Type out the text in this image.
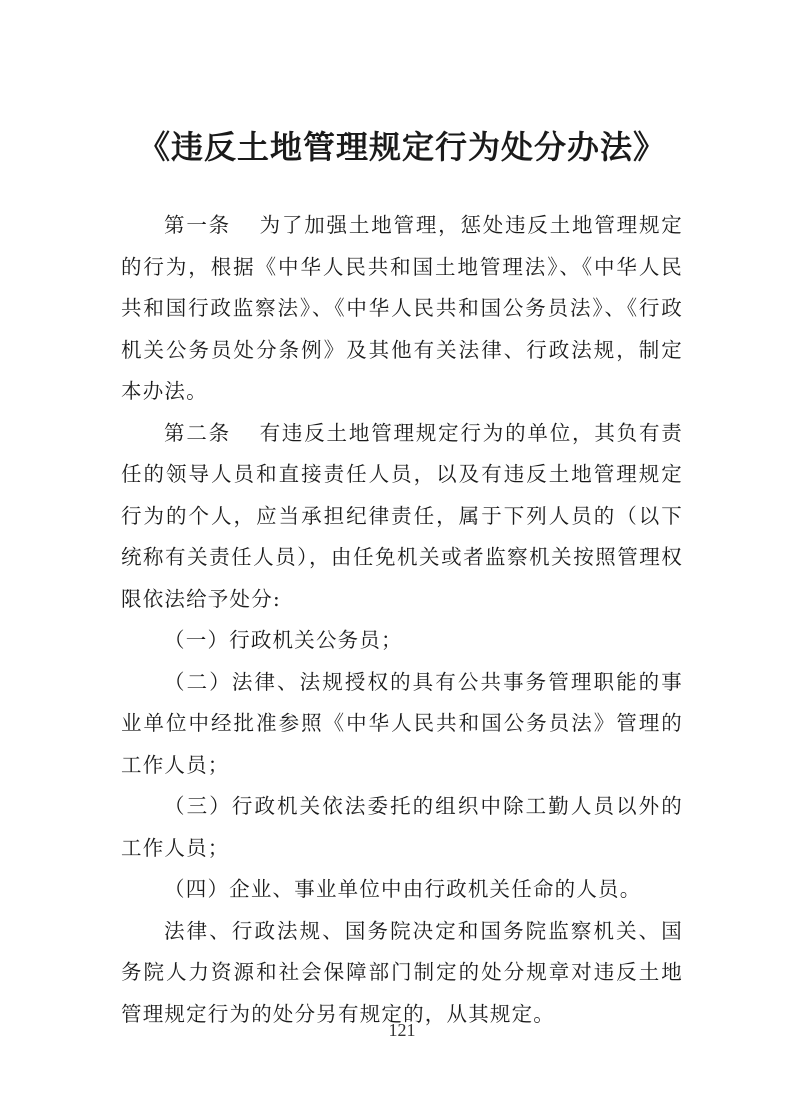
《违反土地管理规定行为处分办法》

第一条 为了加强土地管理，惩处违反土地管理规定的行为，根据《中华人民共和国土地管理法》、《中华人民共和国行政监察法》、《中华人民共和国公务员法》、《行政机关公务员处分条例》及其他有关法律、行政法规，制定本办法。

第二条 有违反土地管理规定行为的单位，其负有责任的领导人员和直接责任人员，以及有违反土地管理规定行为的个人，应当承担纪律责任，属于下列人员的（以下统称有关责任人员），由任免机关或者监察机关按照管理权限依法给予处分:

（一）行政机关公务员；

（二）法律、法规授权的具有公共事务管理职能的事业单位中经批准参照《中华人民共和国公务员法》管理的工作人员；

（三）行政机关依法委托的组织中除工勤人员以外的工作人员；

（四）企业、事业单位中由行政机关任命的人员。

法律、行政法规、国务院决定和国务院监察机关、国务院人力资源和社会保障部门制定的处分规章对违反土地管理规定行为的处分另有规定的，从其规定。

121
